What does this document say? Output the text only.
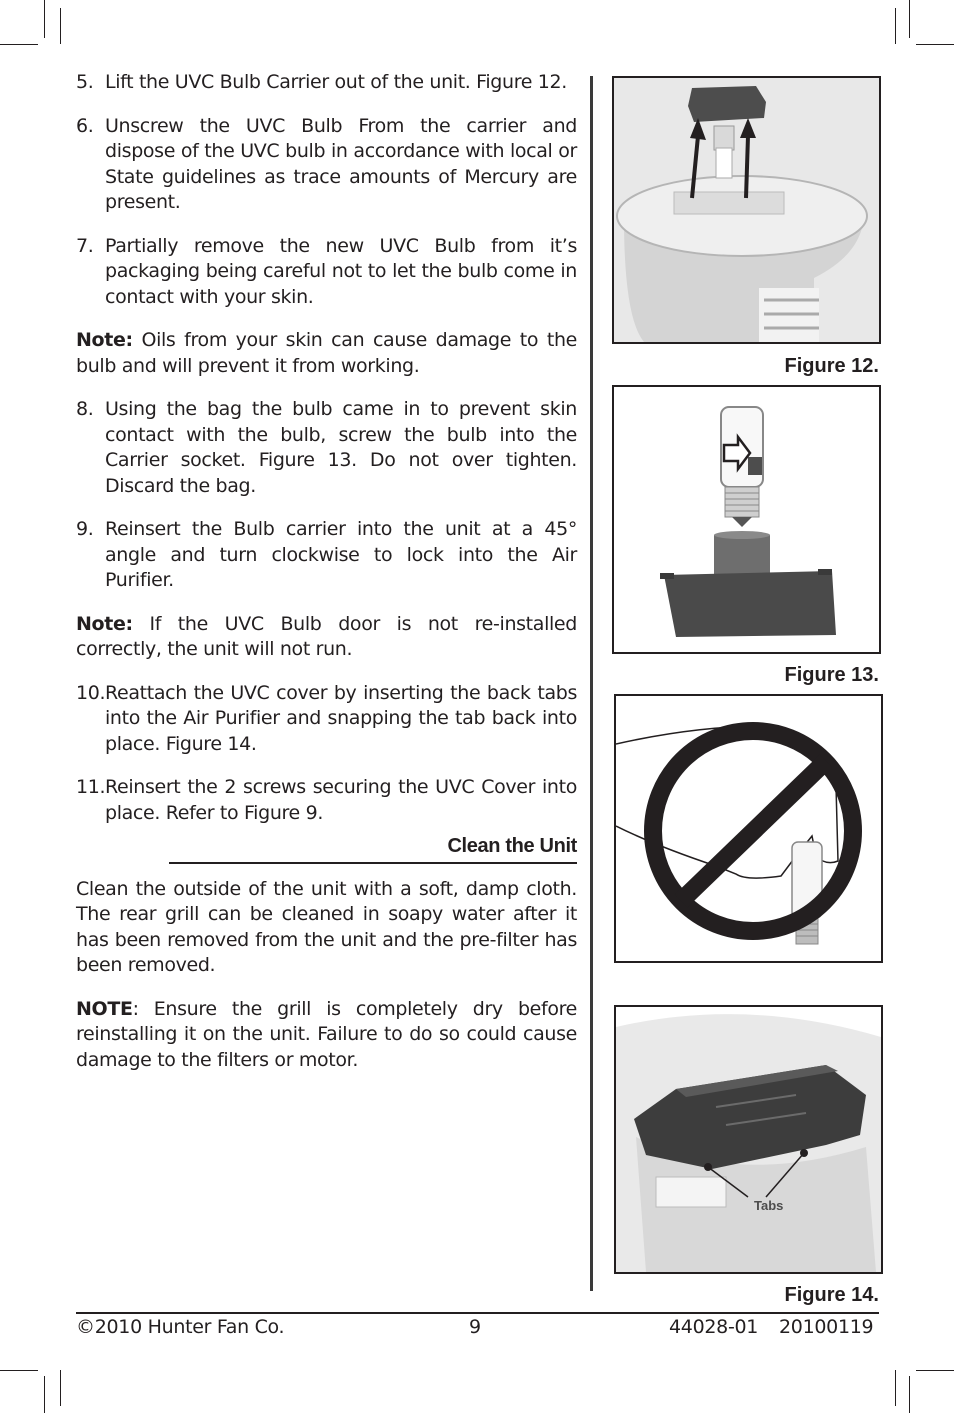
5. Lift the UVC Bulb Carrier out of the unit. Figure 12.
6. Unscrew the UVC Bulb From the carrier and dispose of the UVC bulb in accordance with local or State guidelines as trace amounts of Mercury are present.
7. Partially remove the new UVC Bulb from it’s packaging being careful not to let the bulb come in contact with your skin.
Note: Oils from your skin can cause damage to the bulb and will prevent it from working.
8. Using the bag the bulb came in to prevent skin contact with the bulb, screw the bulb into the Carrier socket. Figure 13. Do not over tighten. Discard the bag.
9. Reinsert the Bulb carrier into the unit at a 45° angle and turn clockwise to lock into the Air Purifier.
Note: If the UVC Bulb door is not re-installed correctly, the unit will not run.
10. Reattach the UVC cover by inserting the back tabs into the Air Purifier and snapping the tab back into place. Figure 14.
11. Reinsert the 2 screws securing the UVC Cover into place. Refer to Figure 9.
Clean the Unit
Clean the outside of the unit with a soft, damp cloth. The rear grill can be cleaned in soapy water after it has been removed from the unit and the pre-filter has been removed.
NOTE: Ensure the grill is completely dry before reinstalling it on the unit. Failure to do so could cause damage to the filters or motor.
Figure 12.
Figure 13.
Tabs
Figure 14.
©2010 Hunter Fan Co.	9	44028-01 20100119
